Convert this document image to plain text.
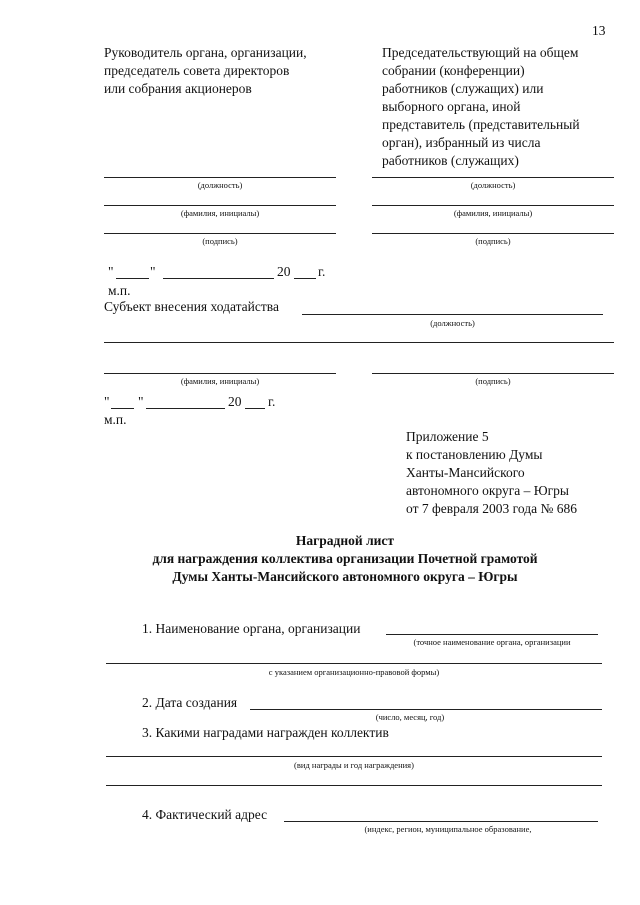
13
Руководитель органа, организации,
председатель совета директоров
или собрания акционеров
Председательствующий на общем
собрании (конференции)
работников (служащих) или
выборного органа, иной
представитель (представительный
орган), избранный из числа
работников (служащих)
(должность)
(фамилия, инициалы)
(подпись)
(должность)
(фамилия, инициалы)
(подпись)
"	"	20 г.
м.п.
Субъект внесения ходатайства
(должность)
(фамилия, инициалы)	(подпись)
" "	20 г.
м.п.
Приложение 5
к постановлению Думы
Ханты-Мансийского
автономного округа – Югры
от 7 февраля 2003 года № 686
Наградной лист
для награждения коллектива организации Почетной грамотой
Думы Ханты-Мансийского автономного округа – Югры
1. Наименование органа, организации
(точное наименование органа, организации
с указанием организационно-правовой формы)
2. Дата создания
(число, месяц, год)
3. Какими наградами награжден коллектив
(вид награды и год награждения)
4. Фактический адрес
(индекс, регион, муниципальное образование,
